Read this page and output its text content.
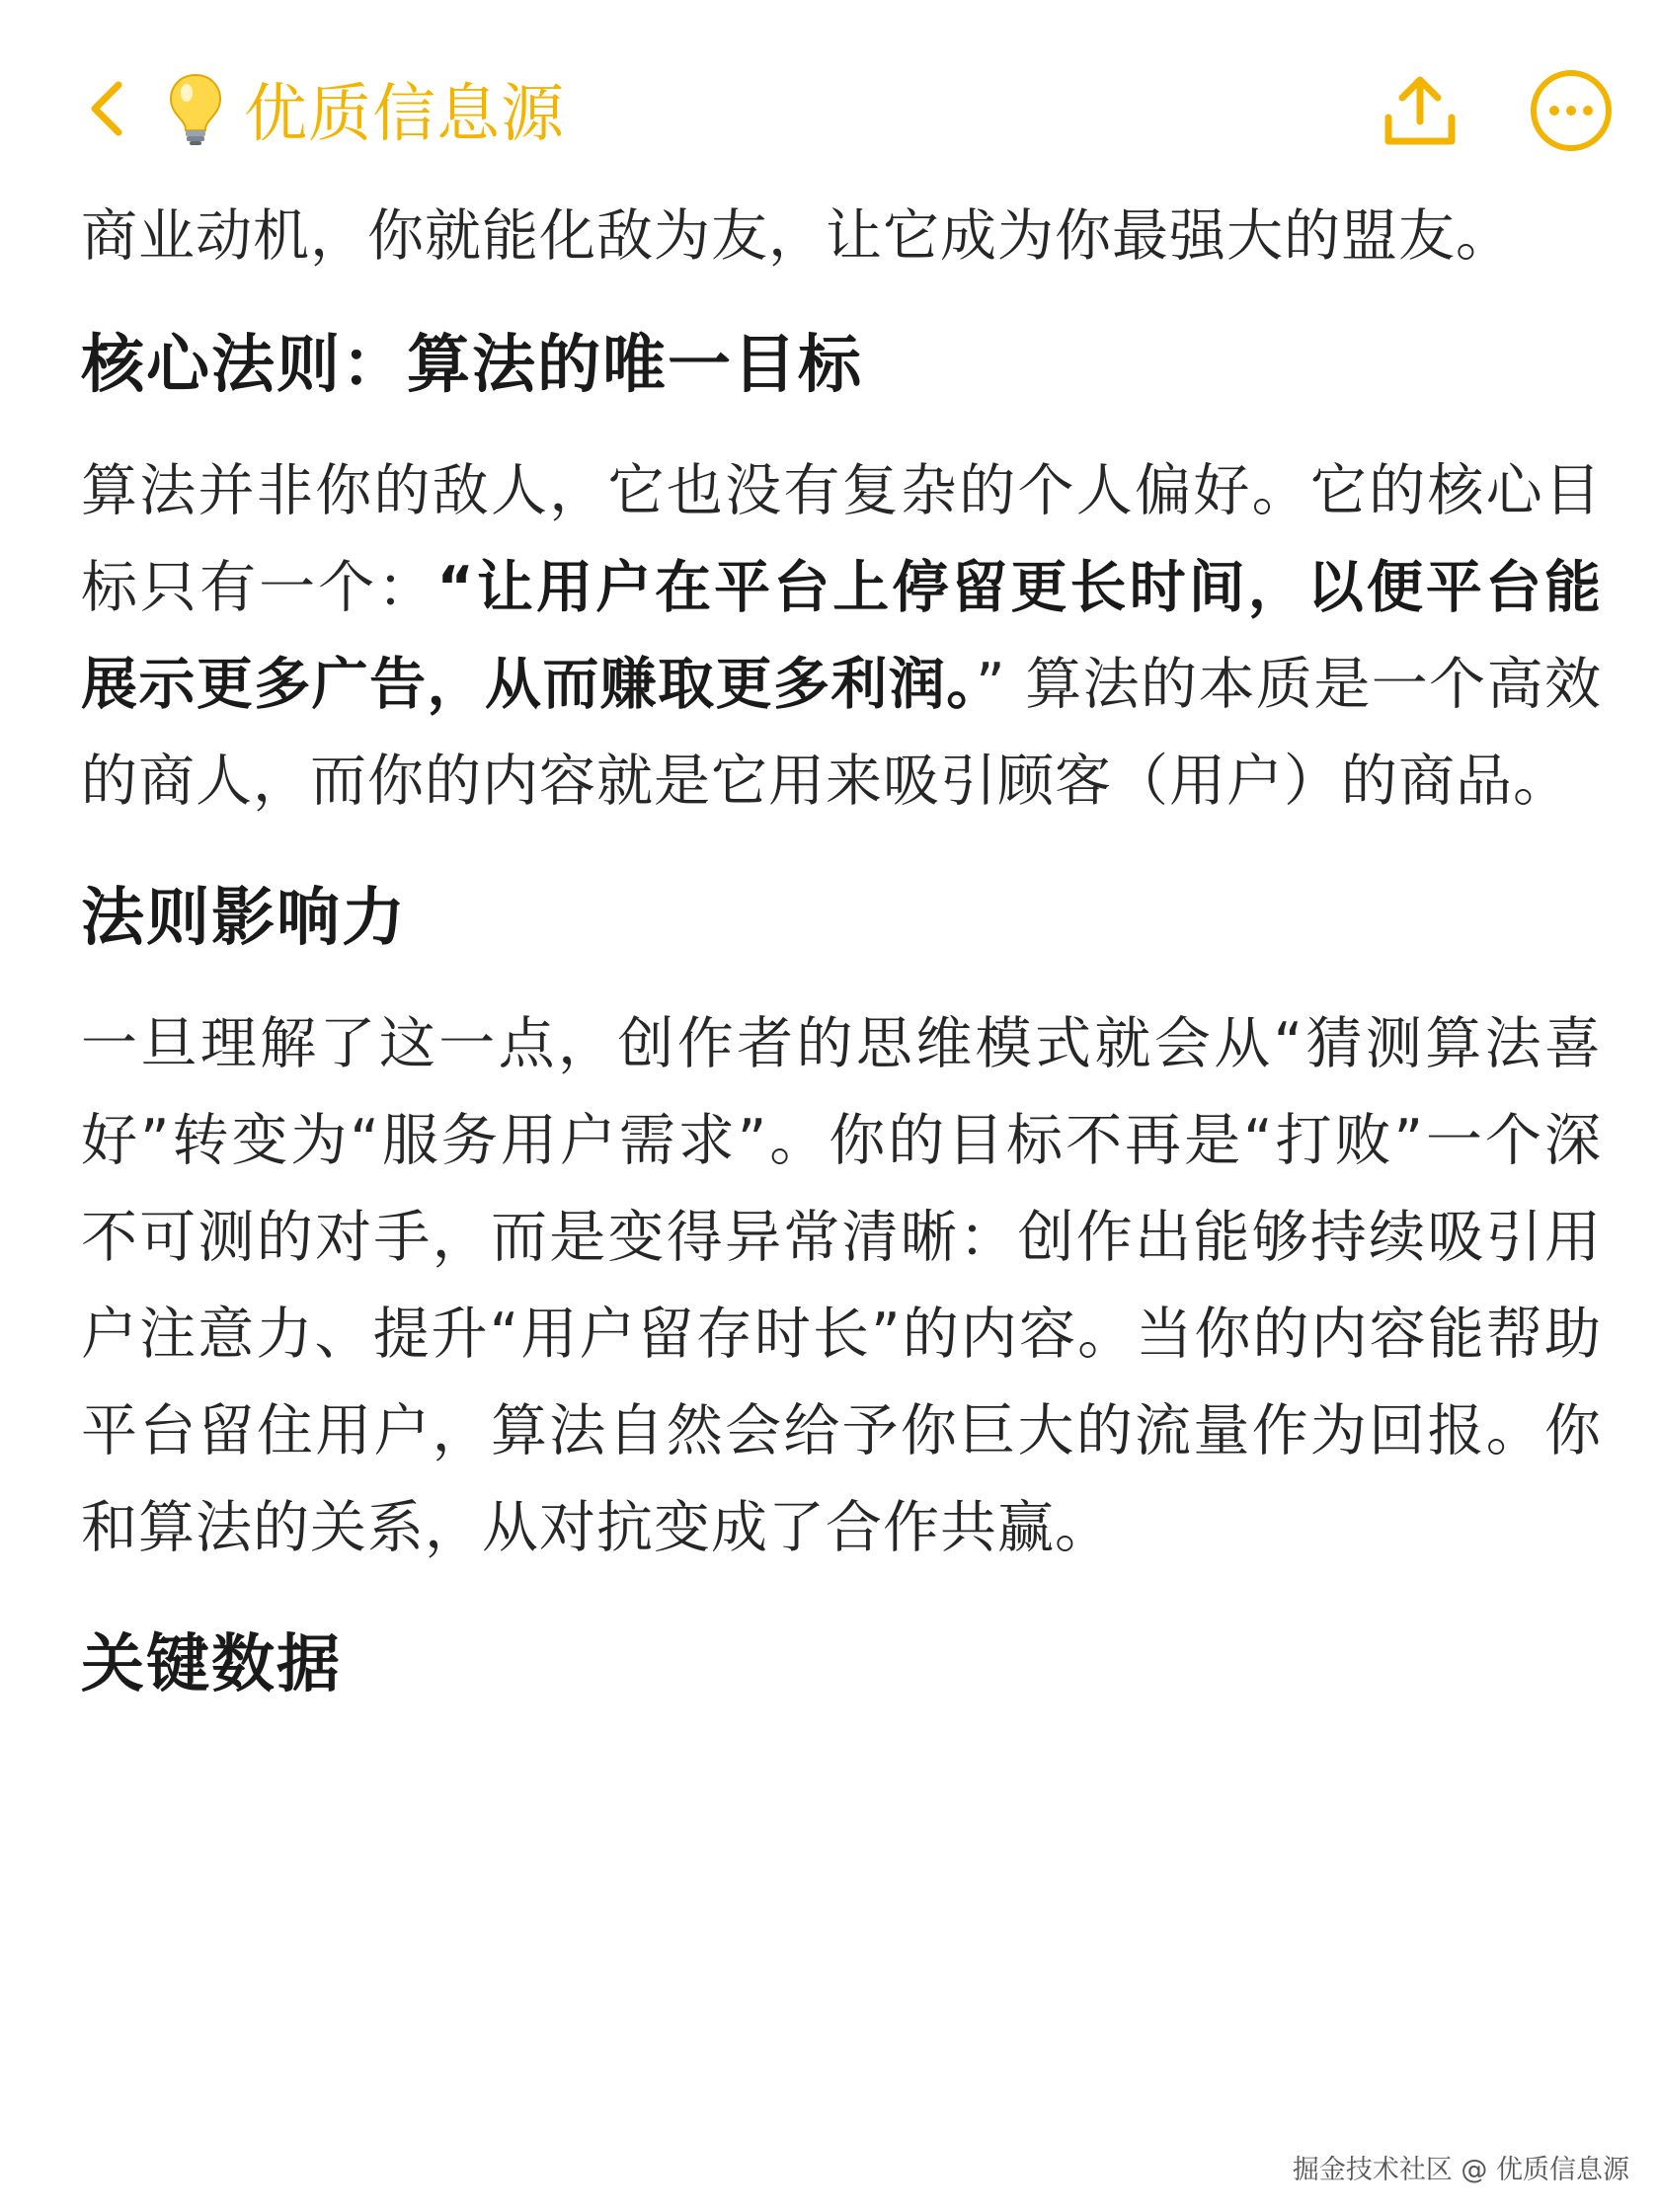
优质信息源

商业动机，你就能化敌为友，让它成为你最强大的盟友。

核心法则：算法的唯一目标

算法并非你的敌人，它也没有复杂的个人偏好。它的核心目标只有一个：“让用户在平台上停留更长时间，以便平台能展示更多广告，从而赚取更多利润。” 算法的本质是一个高效的商人，而你的内容就是它用来吸引顾客（用户）的商品。

法则影响力

一旦理解了这一点，创作者的思维模式就会从“猜测算法喜好”转变为“服务用户需求”。你的目标不再是“打败”一个深不可测的对手，而是变得异常清晰：创作出能够持续吸引用户注意力、提升“用户留存时长”的内容。当你的内容能帮助平台留住用户，算法自然会给予你巨大的流量作为回报。你和算法的关系，从对抗变成了合作共赢。

关键数据
掘金技术社区 @ 优质信息源
